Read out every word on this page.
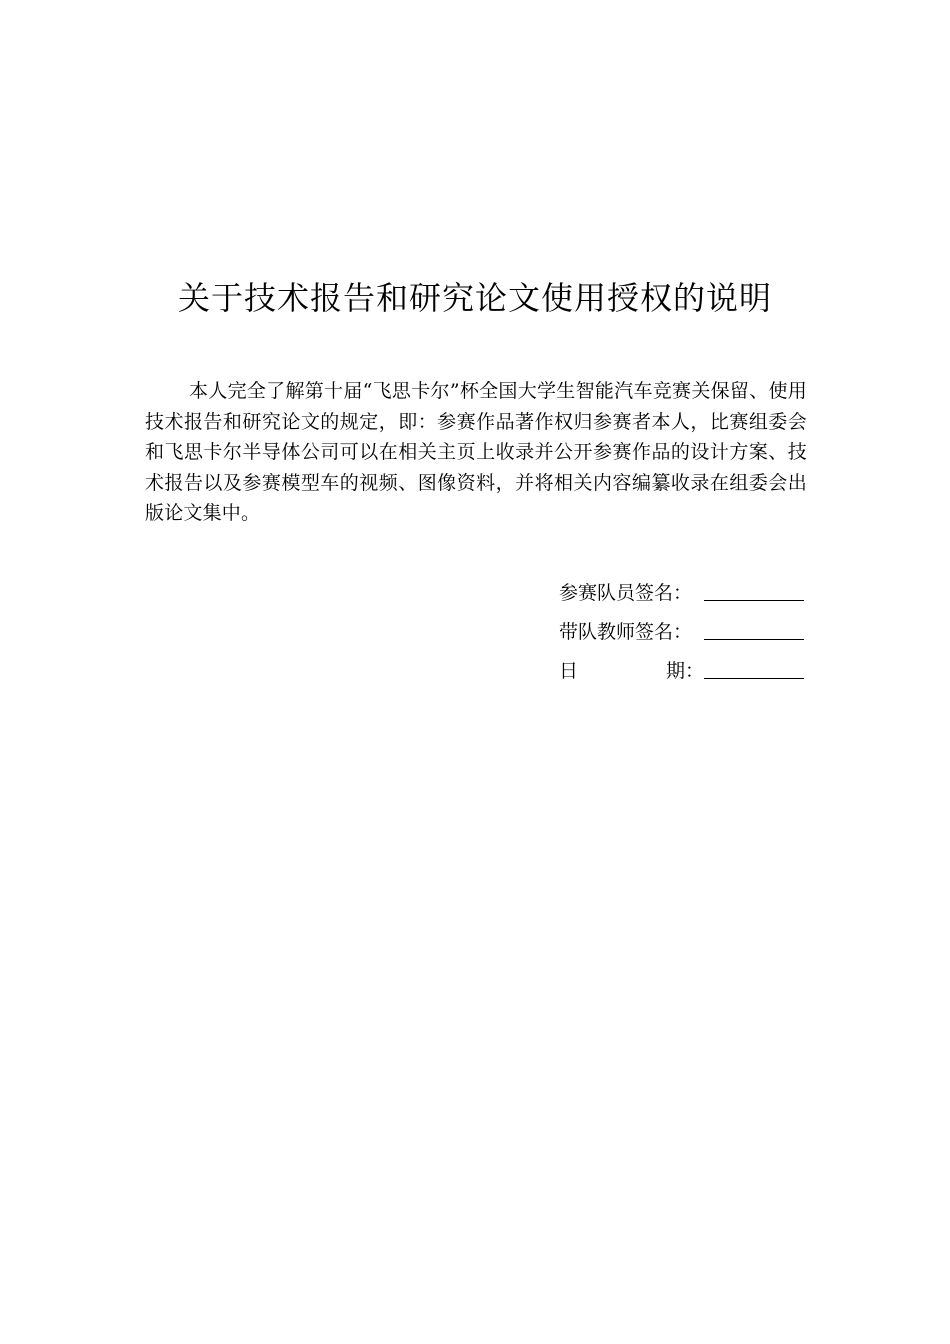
关于技术报告和研究论文使用授权的说明

本人完全了解第十届“飞思卡尔”杯全国大学生智能汽车竞赛关保留、使用技术报告和研究论文的规定，即：参赛作品著作权归参赛者本人，比赛组委会和飞思卡尔半导体公司可以在相关主页上收录并公开参赛作品的设计方案、技术报告以及参赛模型车的视频、图像资料，并将相关内容编纂收录在组委会出版论文集中。

参赛队员签名：
带队教师签名：
日	期：
